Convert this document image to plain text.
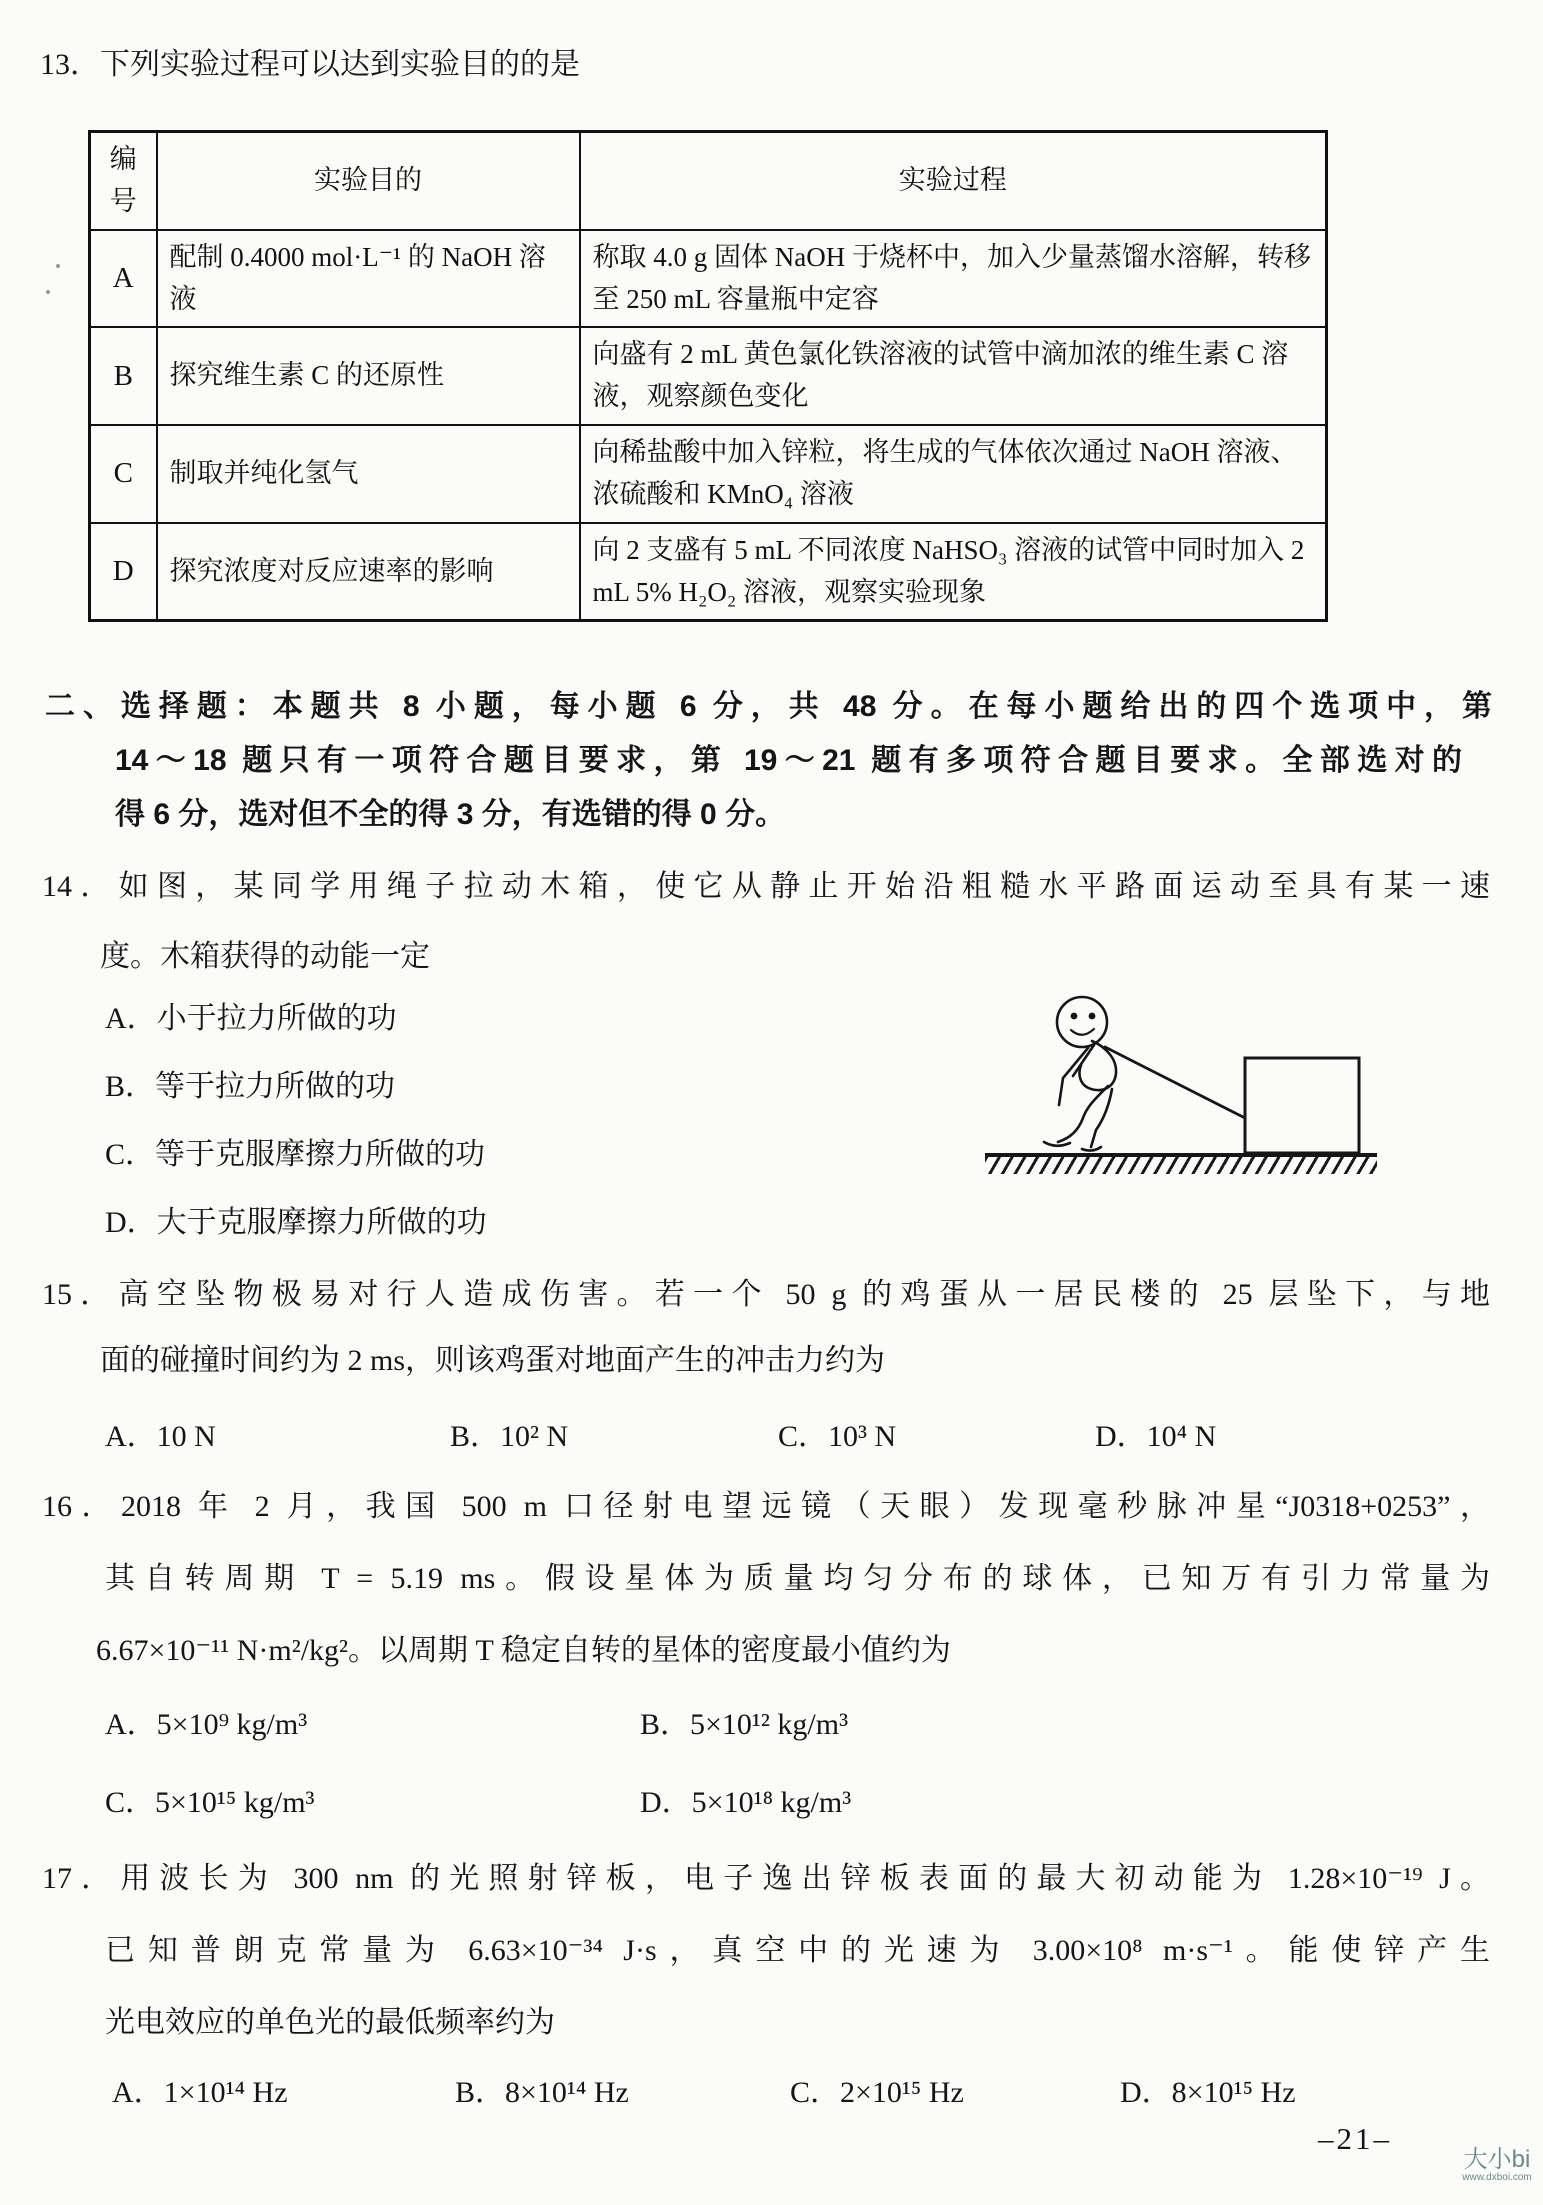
13．下列实验过程可以达到实验目的的是
编号	实验目的	实验过程
A	配制 0.4000 mol·L⁻¹ 的 NaOH 溶液	称取 4.0 g 固体 NaOH 于烧杯中，加入少量蒸馏水溶解，转移至 250 mL 容量瓶中定容
B	探究维生素 C 的还原性	向盛有 2 mL 黄色氯化铁溶液的试管中滴加浓的维生素 C 溶液，观察颜色变化
C	制取并纯化氢气	向稀盐酸中加入锌粒，将生成的气体依次通过 NaOH 溶液、浓硫酸和 KMnO₄ 溶液
D	探究浓度对反应速率的影响	向 2 支盛有 5 mL 不同浓度 NaHSO₃ 溶液的试管中同时加入 2 mL 5% H₂O₂ 溶液，观察实验现象
二、选择题：本题共 8 小题，每小题 6 分，共 48 分。在每小题给出的四个选项中，第
14～18 题只有一项符合题目要求，第 19～21 题有多项符合题目要求。全部选对的
得 6 分，选对但不全的得 3 分，有选错的得 0 分。
14．如图，某同学用绳子拉动木箱，使它从静止开始沿粗糙水平路面运动至具有某一速
度。木箱获得的动能一定
A．小于拉力所做的功
B．等于拉力所做的功
C．等于克服摩擦力所做的功
D．大于克服摩擦力所做的功
15．高空坠物极易对行人造成伤害。若一个 50 g 的鸡蛋从一居民楼的 25 层坠下，与地
面的碰撞时间约为 2 ms，则该鸡蛋对地面产生的冲击力约为
A．10 N	B．10² N	C．10³ N	D．10⁴ N
16．2018 年 2 月，我国 500 m 口径射电望远镜（天眼）发现毫秒脉冲星“J0318+0253”，
其自转周期 T = 5.19 ms。假设星体为质量均匀分布的球体，已知万有引力常量为
6.67×10⁻¹¹ N·m²/kg²。以周期 T 稳定自转的星体的密度最小值约为
A．5×10⁹ kg/m³	B．5×10¹² kg/m³
C．5×10¹⁵ kg/m³	D．5×10¹⁸ kg/m³
17．用波长为 300 nm 的光照射锌板，电子逸出锌板表面的最大初动能为 1.28×10⁻¹⁹ J。
已知普朗克常量为 6.63×10⁻³⁴ J·s，真空中的光速为 3.00×10⁸ m·s⁻¹。能使锌产生
光电效应的单色光的最低频率约为
A．1×10¹⁴ Hz	B．8×10¹⁴ Hz	C．2×10¹⁵ Hz	D．8×10¹⁵ Hz
–21–
大小bi
www.dxboi.com
